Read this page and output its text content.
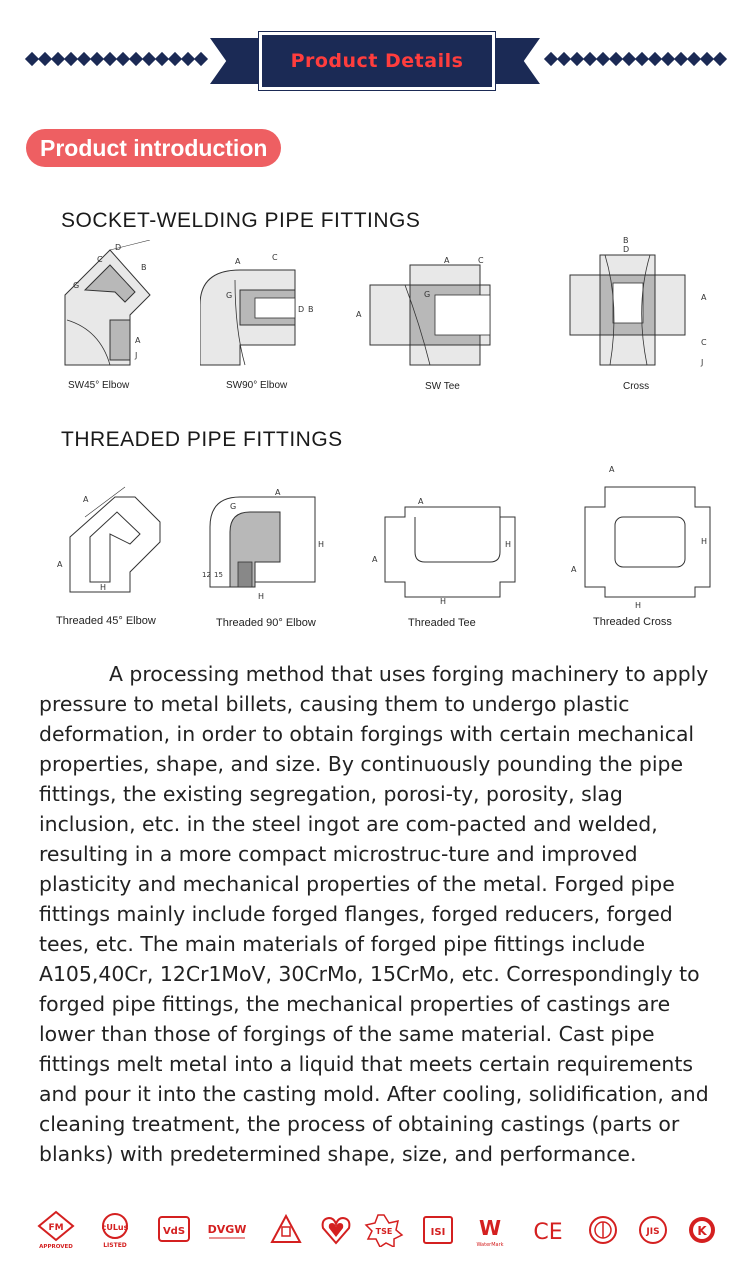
Product Details
Product introduction
SOCKET-WELDING PIPE FITTINGS
G
C
D
B
A
J
SW45° Elbow
A	C
G
D B
SW90° Elbow
A	C
G
A
SW Tee
B
D
A
C
J
Cross
THREADED PIPE FITTINGS
A
A
H
Threaded 45° Elbow
A
G
H
12 15
H
Threaded 90° Elbow
A
A
H
H
Threaded Tee
A
A
H
H
Threaded Cross

A processing method that uses forging machinery to apply pressure to metal billets, causing them to undergo plastic deformation, in order to obtain forgings with certain mechanical properties, shape, and size. By continuously pounding the pipe fittings, the existing segregation, porosi-ty, porosity, slag inclusion, etc. in the steel ingot are com-pacted and welded, resulting in a more compact microstruc-ture and improved plasticity and mechanical properties of the metal. Forged pipe fittings mainly include forged flanges, forged reducers, forged tees, etc. The main materials of forged pipe fittings include A105,40Cr, 12Cr1MoV, 30CrMo, 15CrMo, etc. Correspondingly to forged pipe fittings, the mechanical properties of castings are lower than those of forgings of the same material. Cast pipe fittings melt metal into a liquid that meets certain requirements and pour it into the casting mold. After cooling, solidification, and cleaning treatment, the process of obtaining castings (parts or blanks) with predetermined shape, size, and performance.

FM
APPROVED
cULus
LISTED
VdS DVGW	TSE	ISI W
WaterMark CE	JIS	K
